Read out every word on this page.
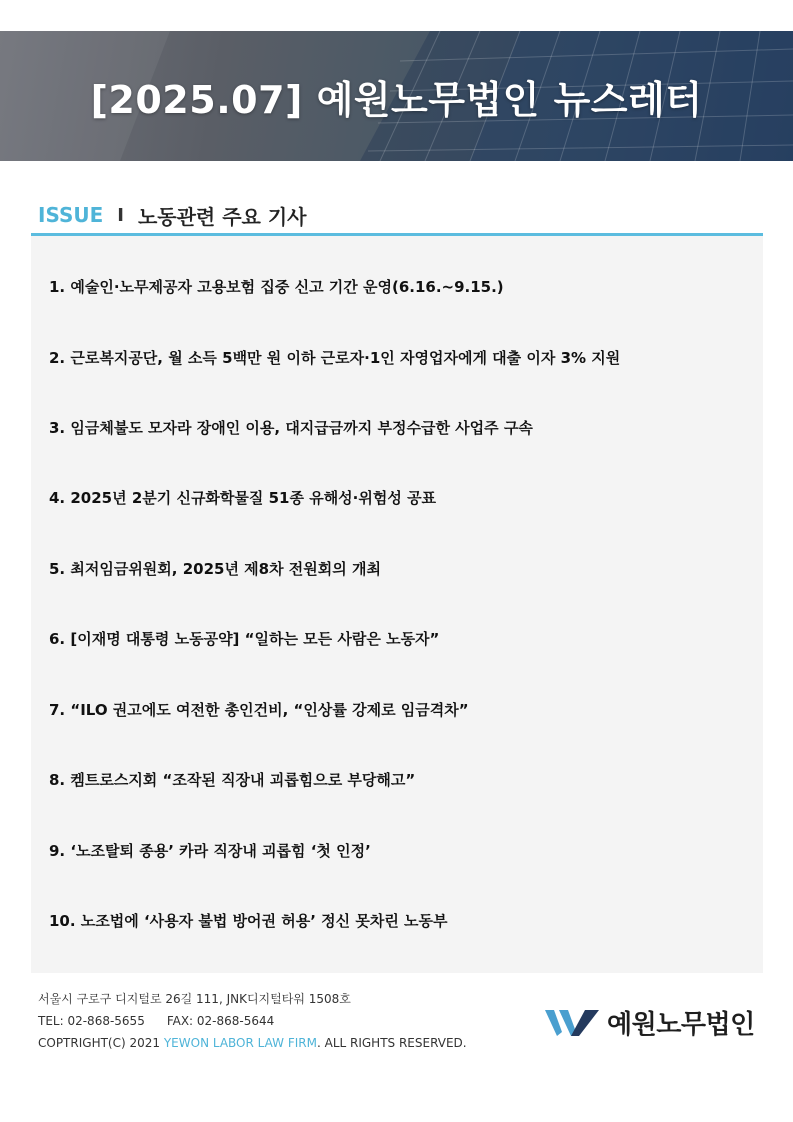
[2025.07] 예원노무법인 뉴스레터
ISSUE I 노동관련 주요 기사
1. 예술인·노무제공자 고용보험 집중 신고 기간 운영(6.16.~9.15.)
2. 근로복지공단, 월 소득 5백만 원 이하 근로자·1인 자영업자에게 대출 이자 3% 지원
3. 임금체불도 모자라 장애인 이용, 대지급금까지 부정수급한 사업주 구속
4. 2025년 2분기 신규화학물질 51종 유해성·위험성 공표
5. 최저임금위원회, 2025년 제8차 전원회의 개최
6. [이재명 대통령 노동공약] “일하는 모든 사람은 노동자”
7. “ILO 권고에도 여전한 총인건비, “인상률 강제로 임금격차”
8. 켐트로스지회 “조작된 직장내 괴롭힘으로 부당해고”
9. ‘노조탈퇴 종용’ 카라 직장내 괴롭힘 ‘첫 인정’
10. 노조법에 ‘사용자 불법 방어권 허용’ 정신 못차린 노동부
서울시 구로구 디지털로 26길 111, JNK디지털타워 1508호
TEL: 02-868-5655 FAX: 02-868-5644
COPTRIGHT(C) 2021 YEWON LABOR LAW FIRM. ALL RIGHTS RESERVED.
예원노무법인
